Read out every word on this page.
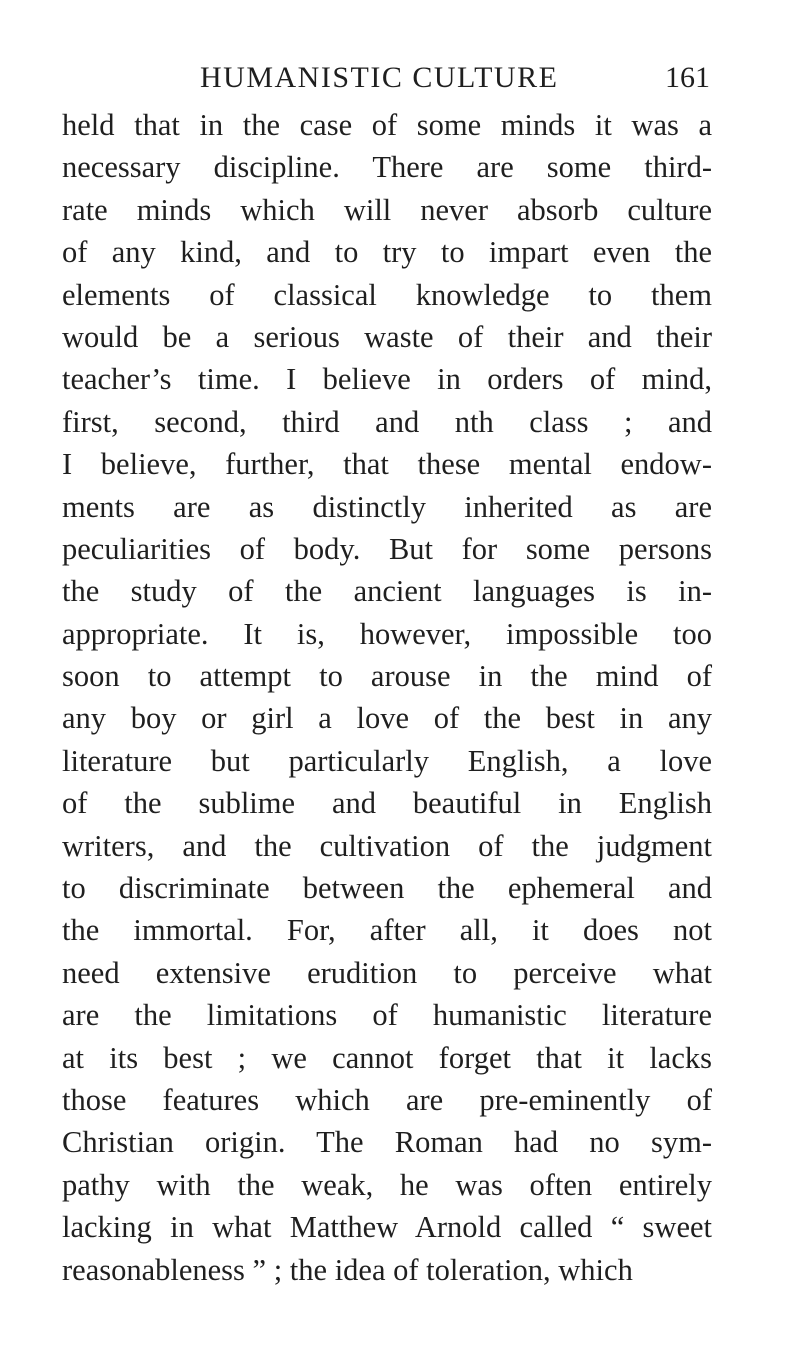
HUMANISTIC CULTURE	161
held that in the case of some minds it was a
necessary discipline. There are some third-
rate minds which will never absorb culture
of any kind, and to try to impart even the
elements of classical knowledge to them
would be a serious waste of their and their
teacher’s time. I believe in orders of mind,
first, second, third and nth class ; and
I believe, further, that these mental endow-
ments are as distinctly inherited as are
peculiarities of body. But for some persons
the study of the ancient languages is in-
appropriate. It is, however, impossible too
soon to attempt to arouse in the mind of
any boy or girl a love of the best in any
literature but particularly English, a love
of the sublime and beautiful in English
writers, and the cultivation of the judgment
to discriminate between the ephemeral and
the immortal. For, after all, it does not
need extensive erudition to perceive what
are the limitations of humanistic literature
at its best ; we cannot forget that it lacks
those features which are pre-eminently of
Christian origin. The Roman had no sym-
pathy with the weak, he was often entirely
lacking in what Matthew Arnold called “ sweet
reasonableness ” ; the idea of toleration, which
